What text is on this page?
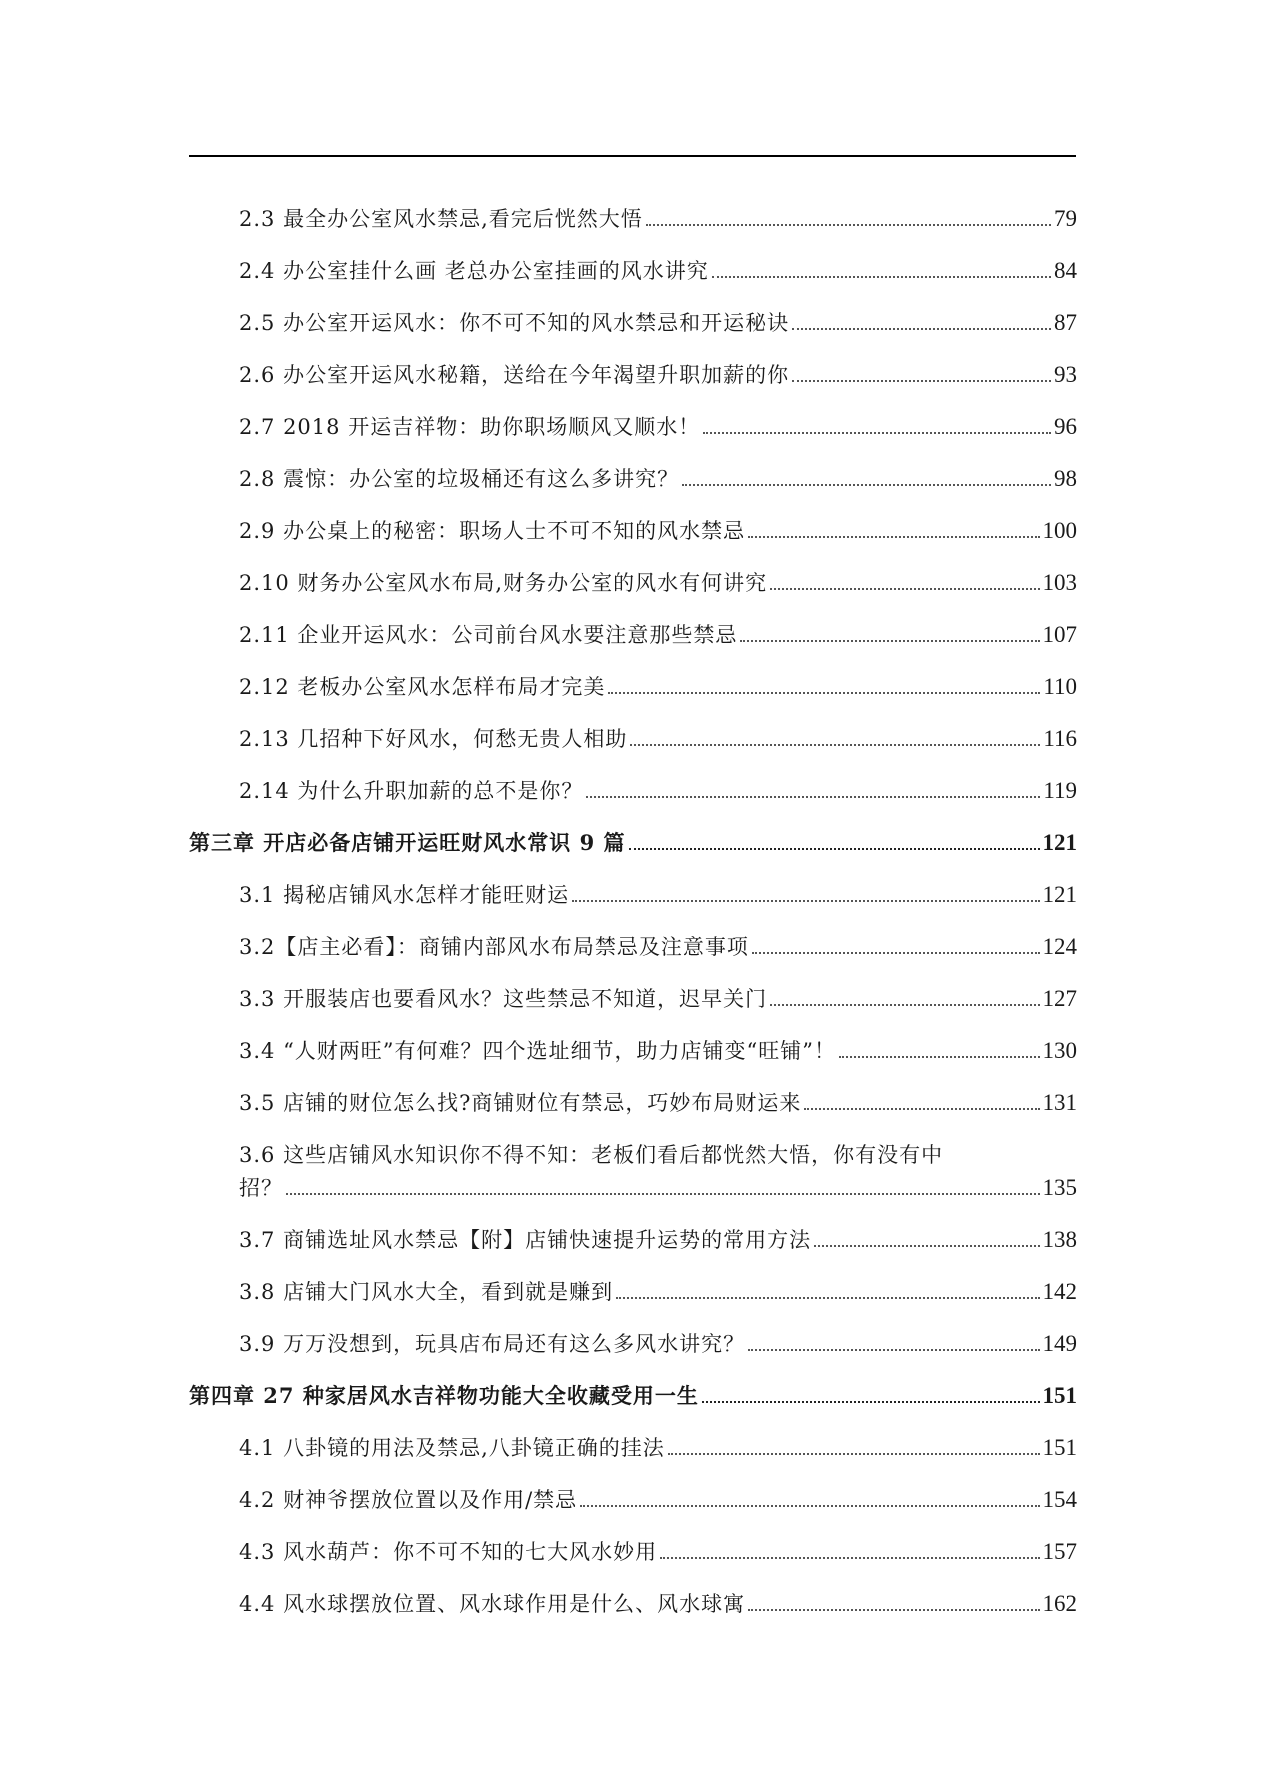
2.3 最全办公室风水禁忌,看完后恍然大悟	79
2.4 办公室挂什么画 老总办公室挂画的风水讲究	84
2.5 办公室开运风水：你不可不知的风水禁忌和开运秘诀	87
2.6 办公室开运风水秘籍，送给在今年渴望升职加薪的你	93
2.7 2018 开运吉祥物：助你职场顺风又顺水！	96
2.8 震惊：办公室的垃圾桶还有这么多讲究？	98
2.9 办公桌上的秘密：职场人士不可不知的风水禁忌	100
2.10 财务办公室风水布局,财务办公室的风水有何讲究	103
2.11 企业开运风水：公司前台风水要注意那些禁忌	107
2.12 老板办公室风水怎样布局才完美	110
2.13 几招种下好风水，何愁无贵人相助	116
2.14 为什么升职加薪的总不是你？	119
第三章 开店必备店铺开运旺财风水常识 9 篇	121
3.1 揭秘店铺风水怎样才能旺财运	121
3.2【店主必看】：商铺内部风水布局禁忌及注意事项	124
3.3 开服装店也要看风水？这些禁忌不知道，迟早关门	127
3.4 “人财两旺”有何难？四个选址细节，助力店铺变“旺铺”！	130
3.5 店铺的财位怎么找?商铺财位有禁忌，巧妙布局财运来	131
3.6 这些店铺风水知识你不得不知：老板们看后都恍然大悟，你有没有中
招？	135
3.7 商铺选址风水禁忌【附】店铺快速提升运势的常用方法	138
3.8 店铺大门风水大全，看到就是赚到	142
3.9 万万没想到，玩具店布局还有这么多风水讲究？	149
第四章 27 种家居风水吉祥物功能大全收藏受用一生	151
4.1 八卦镜的用法及禁忌,八卦镜正确的挂法	151
4.2 财神爷摆放位置以及作用/禁忌	154
4.3 风水葫芦：你不可不知的七大风水妙用	157
4.4 风水球摆放位置、风水球作用是什么、风水球寓	162
